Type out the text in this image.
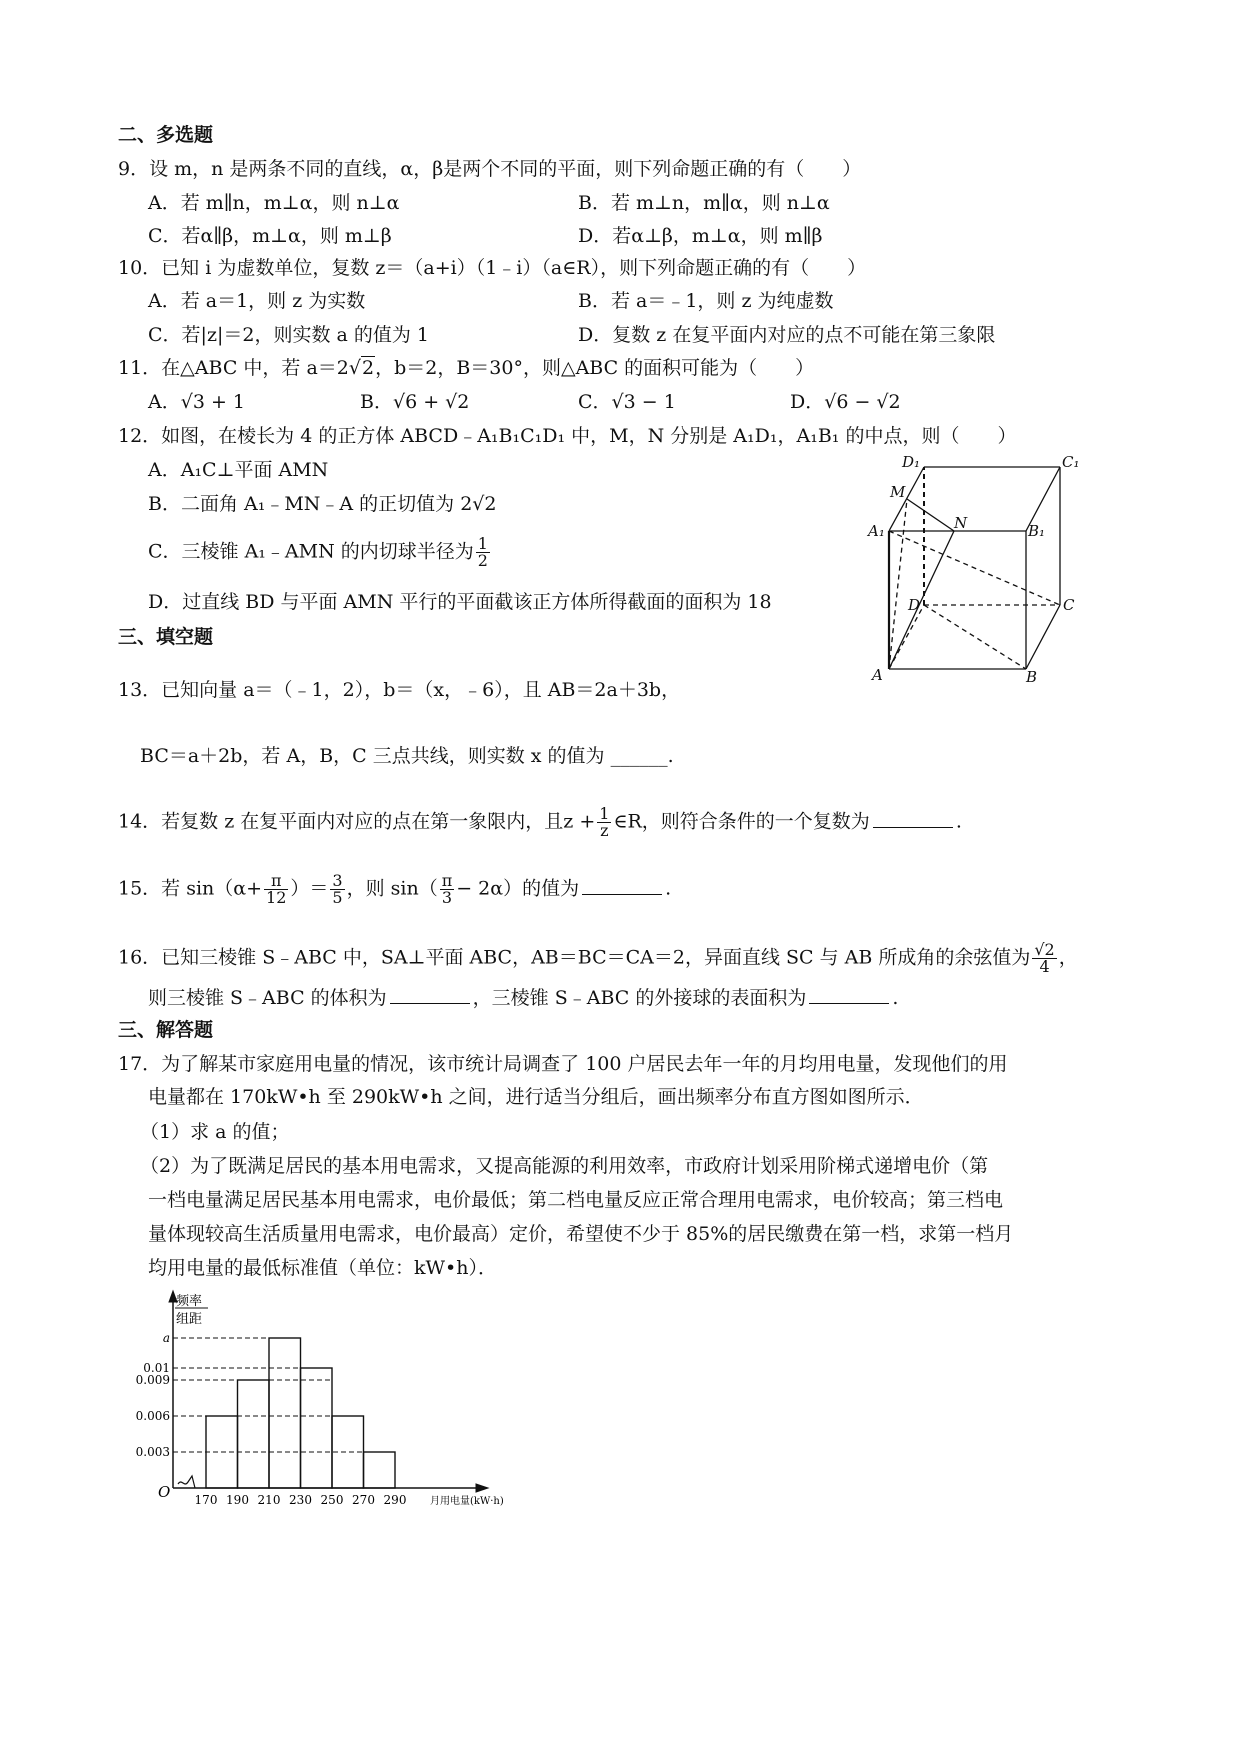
二、多选题
9．设 m，n 是两条不同的直线，α，β是两个不同的平面，则下列命题正确的有（　　）
A．若 m∥n，m⊥α，则 n⊥α	B．若 m⊥n，m∥α，则 n⊥α
C．若α∥β，m⊥α，则 m⊥β	D．若α⊥β，m⊥α，则 m∥β
10．已知 i 为虚数单位，复数 z＝（a+i）（1﹣i）（a∈R），则下列命题正确的有（　　）
A．若 a＝1，则 z 为实数	B．若 a＝﹣1，则 z 为纯虚数
C．若|z|＝2，则实数 a 的值为 1	D．复数 z 在复平面内对应的点不可能在第三象限
11．在△ABC 中，若 a＝2√2，b＝2，B＝30°，则△ABC 的面积可能为（　　）
A．√3 + 1	B．√6 + √2	C．√3 − 1	D．√6 − √2
12．如图，在棱长为 4 的正方体 ABCD﹣A₁B₁C₁D₁ 中，M，N 分别是 A₁D₁，A₁B₁ 的中点，则（　　）
A．A₁C⊥平面 AMN
B．二面角 A₁﹣MN﹣A 的正切值为 2√2
C．三棱锥 A₁﹣AMN 的内切球半径为 $\frac{1}{2}$
D．过直线 BD 与平面 AMN 平行的平面截该正方体所得截面的面积为 18
D₁	C₁
M
N
A₁	B₁
D	C
A	B
三、填空题
13．已知向量 a＝（﹣1，2），b＝（x，﹣6），且 AB＝2a＋3b，
BC＝a＋2b，若 A，B，C 三点共线，则实数 x 的值为 ______.
14．若复数 z 在复平面内对应的点在第一象限内，且$z + \frac{1}{z}$ ∈R，则符合条件的一个复数为	.
15．若 $\sin(\alpha+ \frac{\pi}{12}$ ）＝ $\frac{3}{5}$ ，则 $\sin( \frac{\pi}{3} - 2\alpha)$的值为	.
16．已知三棱锥 S﹣ABC 中，SA⊥平面 ABC，AB＝BC＝CA＝2，异面直线 SC 与 AB 所成角的余弦值为 $\frac{√2}{4}$ ，
则三棱锥 S﹣ABC 的体积为	，三棱锥 S﹣ABC 的外接球的表面积为	.
三、解答题
17．为了解某市家庭用电量的情况，该市统计局调查了 100 户居民去年一年的月均用电量，发现他们的用
电量都在 170kW•h 至 290kW•h 之间，进行适当分组后，画出频率分布直方图如图所示．
（1）求 a 的值；
（2）为了既满足居民的基本用电需求，又提高能源的利用效率，市政府计划采用阶梯式递增电价（第
一档电量满足居民基本用电需求，电价最低；第二档电量反应正常合理用电需求，电价较高；第三档电
量体现较高生活质量用电需求，电价最高）定价，希望使不少于 85%的居民缴费在第一档，求第一档月
均用电量的最低标准值（单位：kW•h）．
频率
组距
O
月用电量(kW·h)
a
0.01
0.009
0.006
0.003
170 190 210 230 250 270 290
